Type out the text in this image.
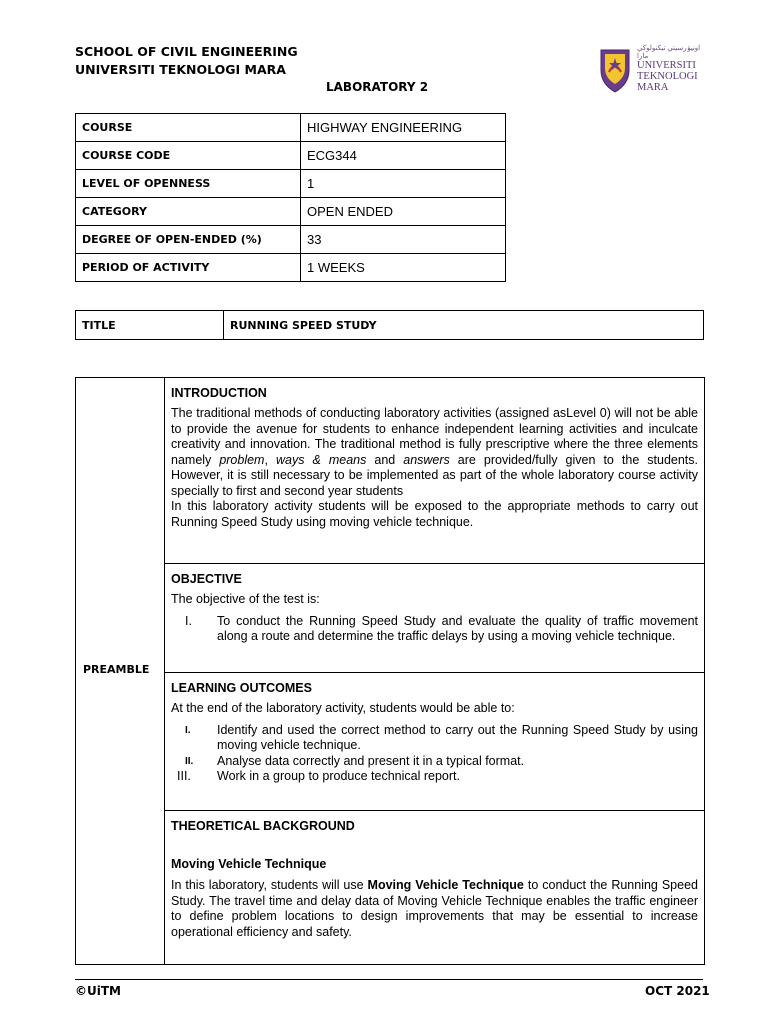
SCHOOL OF CIVIL ENGINEERING
UNIVERSITI TEKNOLOGI MARA
LABORATORY 2
اونيۏرسيتي تيكنولوڬي مارا
UNIVERSITI
TEKNOLOGI
MARA
COURSE	HIGHWAY ENGINEERING
COURSE CODE	ECG344
LEVEL OF OPENNESS	1
CATEGORY	OPEN ENDED
DEGREE OF OPEN-ENDED (%)	33
PERIOD OF ACTIVITY	1 WEEKS
TITLE	RUNNING SPEED STUDY
PREAMBLE
INTRODUCTION
The traditional methods of conducting laboratory activities (assigned asLevel 0) will not be able to provide the avenue for students to enhance independent learning activities and inculcate creativity and innovation. The traditional method is fully prescriptive where the three elements namely problem, ways & means and answers are provided/fully given to the students. However, it is still necessary to be implemented as part of the whole laboratory course activity specially to first and second year students
In this laboratory activity students will be exposed to the appropriate methods to carry out Running Speed Study using moving vehicle technique.
OBJECTIVE
The objective of the test is:
I.	To conduct the Running Speed Study and evaluate the quality of traffic movement along a route and determine the traffic delays by using a moving vehicle technique.
LEARNING OUTCOMES
At the end of the laboratory activity, students would be able to:
I.	Identify and used the correct method to carry out the Running Speed Study by using moving vehicle technique.
II.	Analyse data correctly and present it in a typical format.
III.	Work in a group to produce technical report.
THEORETICAL BACKGROUND
Moving Vehicle Technique
In this laboratory, students will use Moving Vehicle Technique to conduct the Running Speed Study. The travel time and delay data of Moving Vehicle Technique enables the traffic engineer to define problem locations to design improvements that may be essential to increase operational efficiency and safety.
©UiTM	OCT 2021
